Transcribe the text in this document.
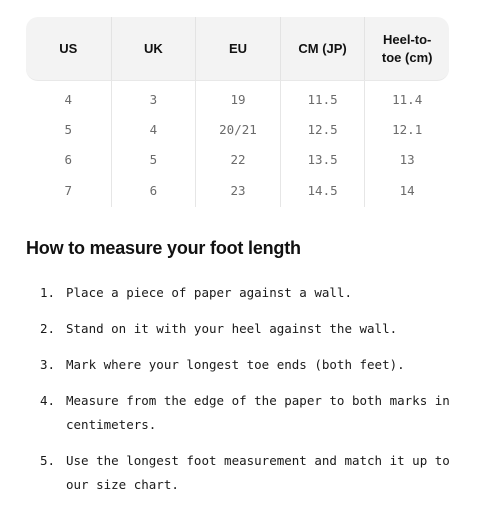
US	UK	EU	CM (JP)	Heel-to-toe (cm)
4	3	19	11.5	11.4
5	4	20/21	12.5	12.1
6	5	22	13.5	13
7	6	23	14.5	14
How to measure your foot length
1. Place a piece of paper against a wall.
2. Stand on it with your heel against the wall.
3. Mark where your longest toe ends (both feet).
4. Measure from the edge of the paper to both marks in centimeters.
5. Use the longest foot measurement and match it up to our size chart.
